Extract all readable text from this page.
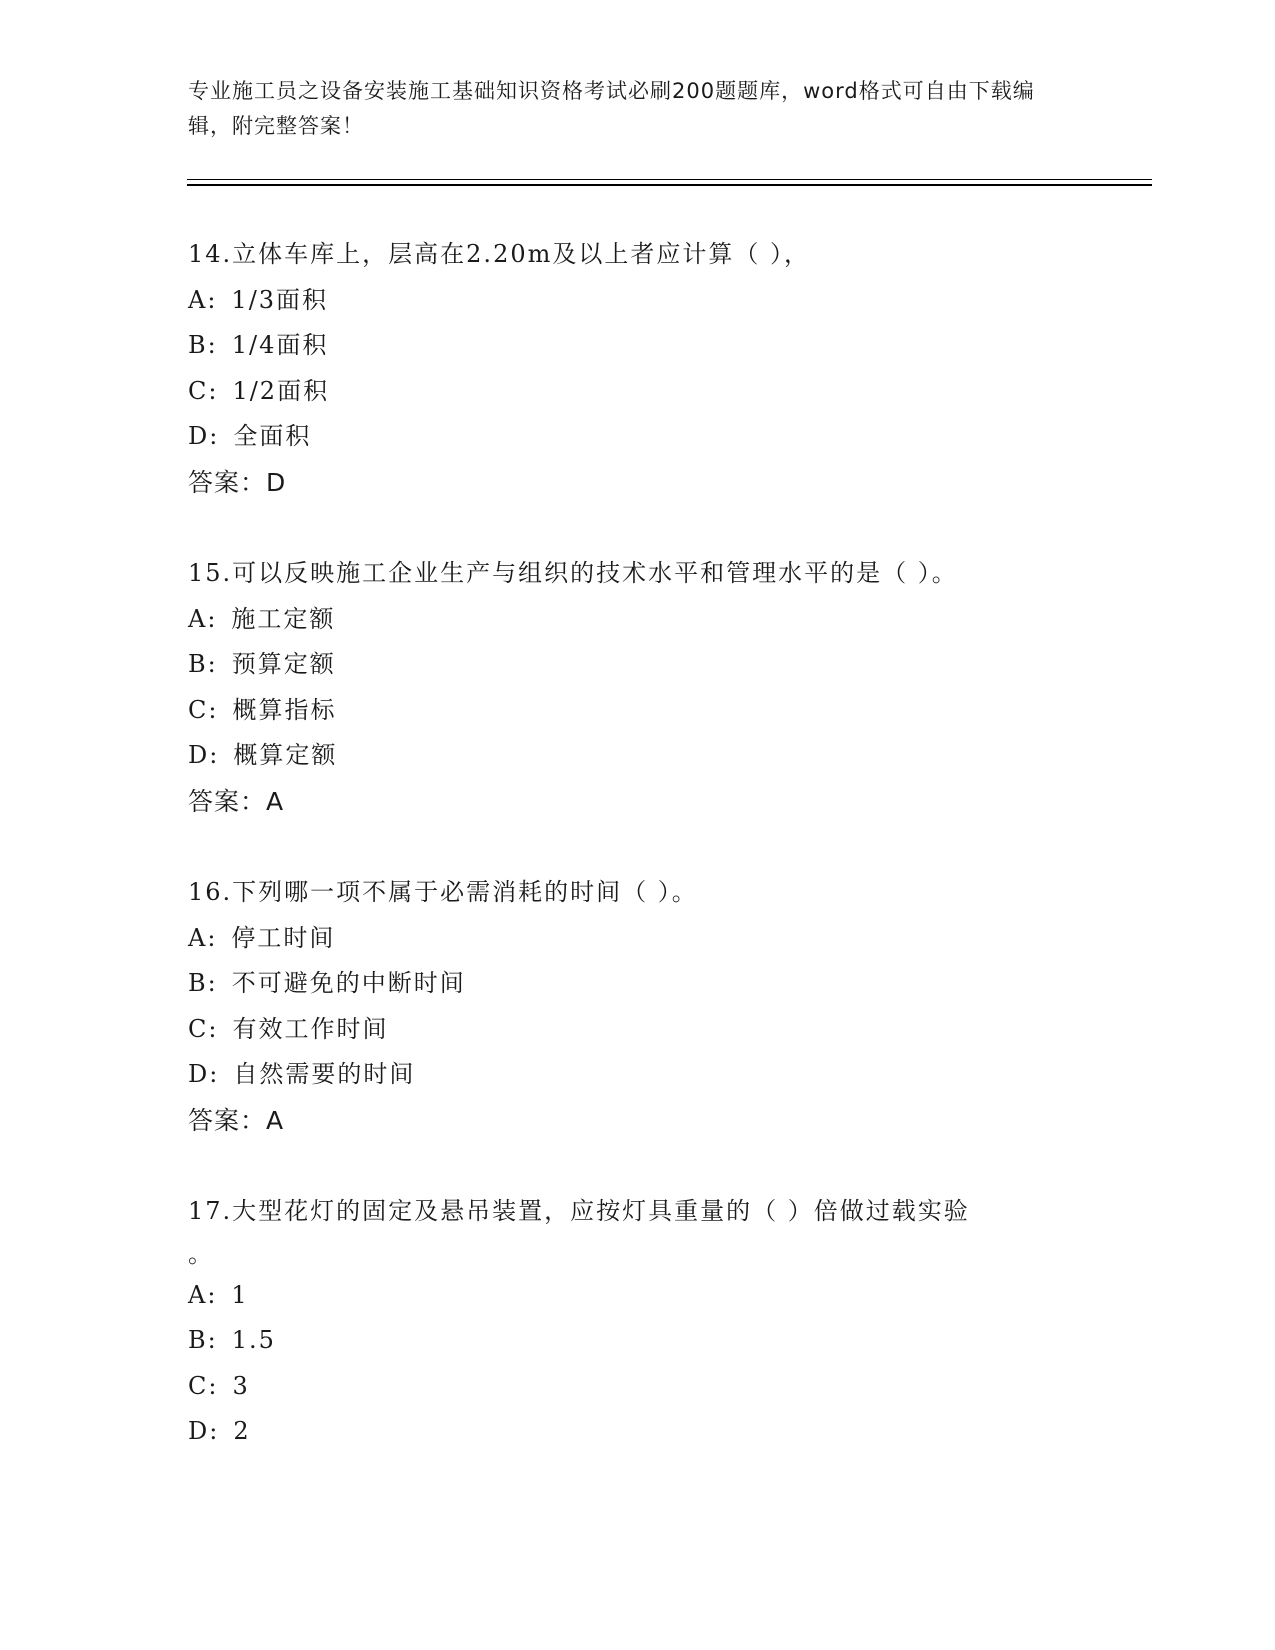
专业施工员之设备安装施工基础知识资格考试必刷200题题库，word格式可自由下载编辑，附完整答案！
14.立体车库上，层高在2.20m及以上者应计算（ ），
A: 1/3面积
B: 1/4面积
C: 1/2面积
D: 全面积
答案：D
15.可以反映施工企业生产与组织的技术水平和管理水平的是（ ）。
A: 施工定额
B: 预算定额
C: 概算指标
D: 概算定额
答案：A
16.下列哪一项不属于必需消耗的时间（ ）。
A: 停工时间
B: 不可避免的中断时间
C: 有效工作时间
D: 自然需要的时间
答案：A
17.大型花灯的固定及悬吊装置，应按灯具重量的（ ）倍做过载实验
。
A: 1
B: 1.5
C: 3
D: 2
